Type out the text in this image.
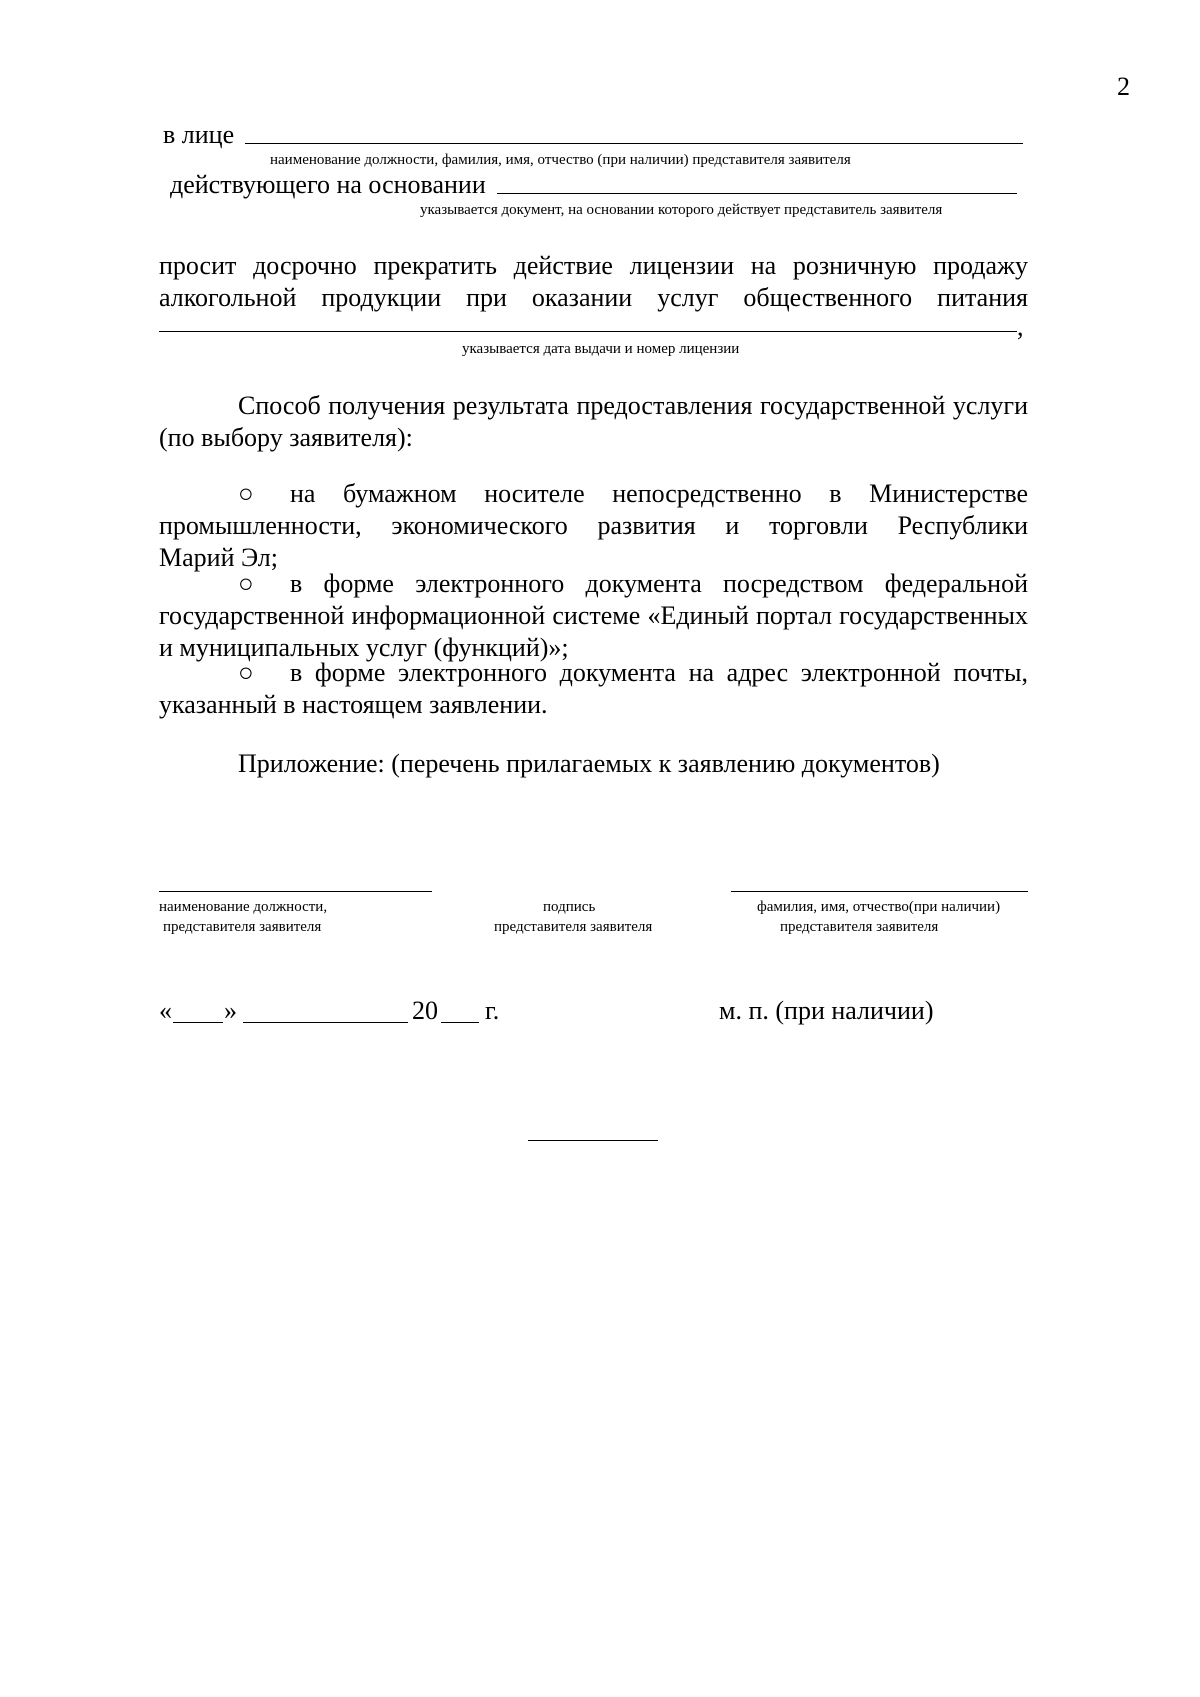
2
в лице
наименование должности, фамилия, имя, отчество (при наличии) представителя заявителя
действующего на основании
указывается документ, на основании которого действует представитель заявителя
просит досрочно прекратить действие лицензии на розничную продажу
алкогольной продукции при оказании услуг общественного питания
,
указывается дата выдачи и номер лицензии
Способ получения результата предоставления государственной услуги
(по выбору заявителя):
○ на бумажном носителе непосредственно в Министерстве
промышленности, экономического развития и торговли Республики
Марий Эл;
○ в форме электронного документа посредством федеральной
государственной информационной системе «Единый портал государственных
и муниципальных услуг (функций)»;
○ в форме электронного документа на адрес электронной почты,
указанный в настоящем заявлении.
Приложение: (перечень прилагаемых к заявлению документов)
наименование должности,
представителя заявителя
подпись
представителя заявителя
фамилия, имя, отчество(при наличии)
представителя заявителя
« »	20 г.	м. п. (при наличии)
